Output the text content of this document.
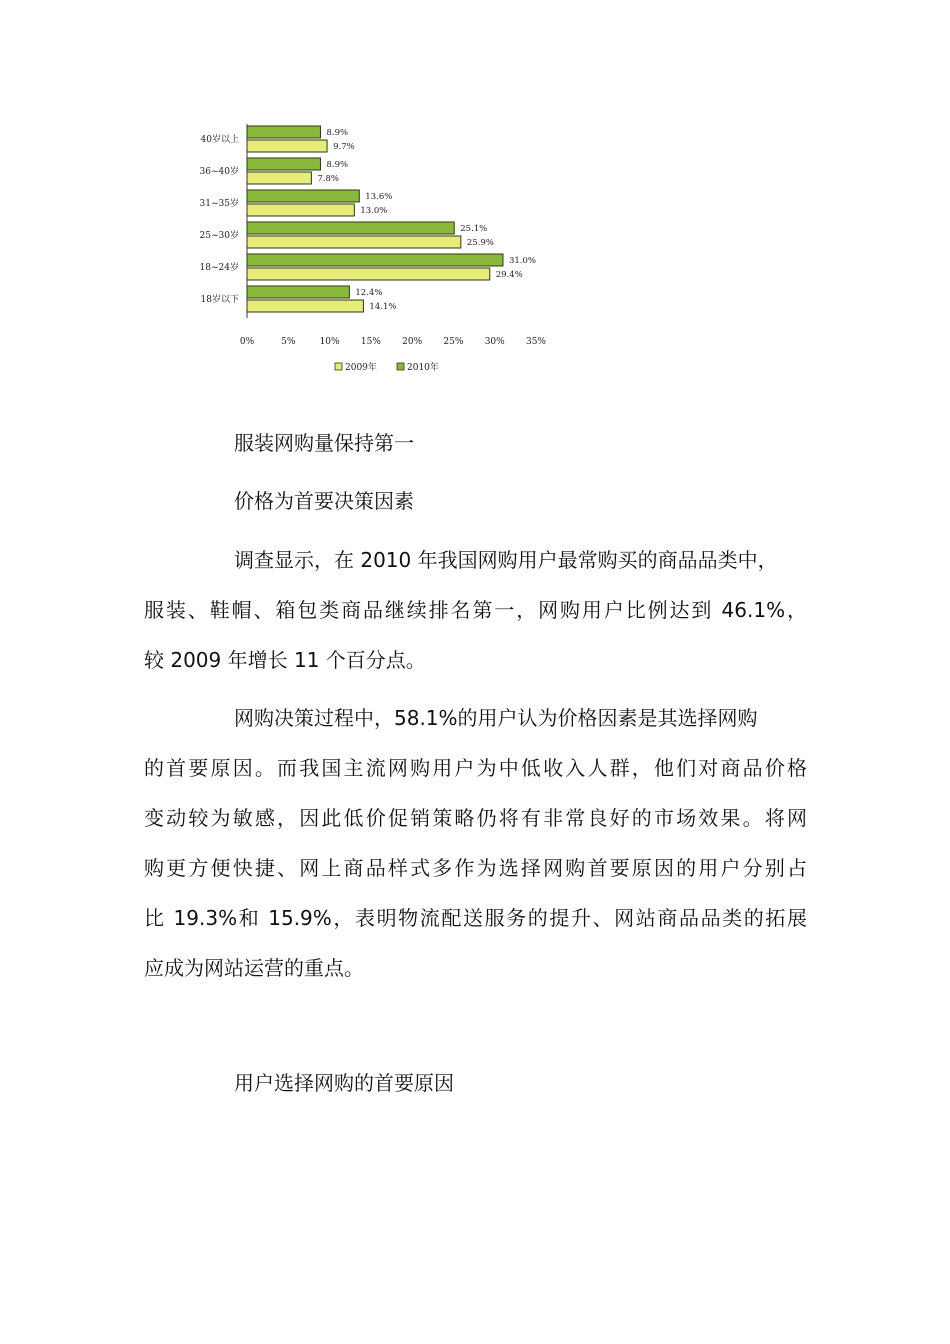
40岁以上
8.9%
9.7%
36~40岁
8.9%
7.8%
31~35岁
13.6%
13.0%
25~30岁
25.1%
25.9%
18~24岁
31.0%
29.4%
18岁以下
12.4%
14.1%
0%	5%	10% 15% 20% 25% 30% 35%
2009年	2010年
服装网购量保持第一
价格为首要决策因素
调查显示，在 2010 年我国网购用户最常购买的商品品类中，
服装、鞋帽、箱包类商品继续排名第一，网购用户比例达到 46.1%，
较 2009 年增长 11 个百分点。
网购决策过程中，58.1%的用户认为价格因素是其选择网购
的首要原因。而我国主流网购用户为中低收入人群，他们对商品价格
变动较为敏感，因此低价促销策略仍将有非常良好的市场效果。将网
购更方便快捷、网上商品样式多作为选择网购首要原因的用户分别占
比 19.3%和 15.9%，表明物流配送服务的提升、网站商品品类的拓展
应成为网站运营的重点。
用户选择网购的首要原因
